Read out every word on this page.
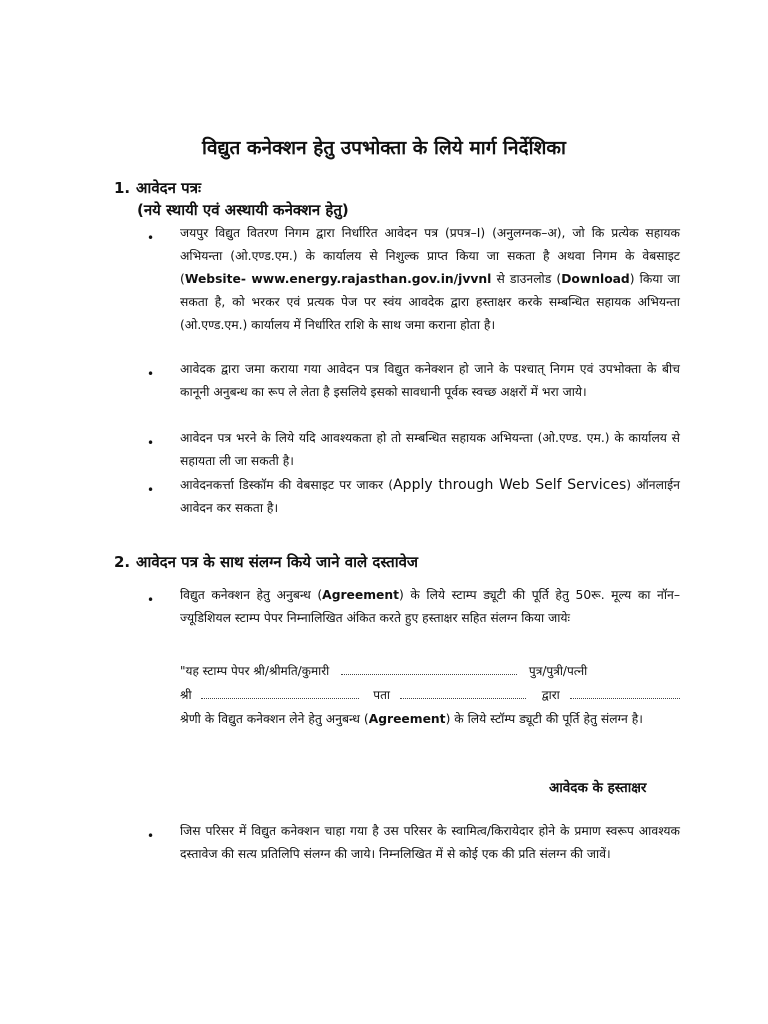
विद्युत कनेक्शन हेतु उपभोक्ता के लिये मार्ग निर्देशिका
1. आवेदन पत्रः
(नये स्थायी एवं अस्थायी कनेक्शन हेतु)
• जयपुर विद्युत वितरण निगम द्वारा निर्धारित आवेदन पत्र (प्रपत्र–I) (अनुलग्नक–अ), जो कि प्रत्येक सहायक अभियन्ता (ओ.एण्ड.एम.) के कार्यालय से निशुल्क प्राप्त किया जा सकता है अथवा निगम के वेबसाइट (Website- www.energy.rajasthan.gov.in/jvvnl से डाउनलोड (Download) किया जा सकता है, को भरकर एवं प्रत्यक पेज पर स्वंय आवदेक द्वारा हस्ताक्षर करके सम्बन्धित सहायक अभियन्ता (ओ.एण्ड.एम.) कार्यालय में निर्धारित राशि के साथ जमा कराना होता है।

• आवेदक द्वारा जमा कराया गया आवेदन पत्र विद्युत कनेक्शन हो जाने के पश्चात् निगम एवं उपभोक्ता के बीच कानूनी अनुबन्ध का रूप ले लेता है इसलिये इसको सावधानी पूर्वक स्वच्छ अक्षरों में भरा जाये।

• आवेदन पत्र भरने के लिये यदि आवश्यकता हो तो सम्बन्धित सहायक अभियन्ता (ओ.एण्ड. एम.) के कार्यालय से सहायता ली जा सकती है।

• आवेदनकर्त्ता डिस्कॉम की वेबसाइट पर जाकर (Apply through Web Self Services) ऑनलाईन आवेदन कर सकता है।

2. आवेदन पत्र के साथ संलग्न किये जाने वाले दस्तावेज
• विद्युत कनेक्शन हेतु अनुबन्ध (Agreement) के लिये स्टाम्प ड्यूटी की पूर्ति हेतु 50रू. मूल्य का नॉन–ज्यूडिशियल स्टाम्प पेपर निम्नालिखित अंकित करते हुए हस्ताक्षर सहित संलग्न किया जायेः

"यह स्टाम्प पेपर श्री/श्रीमति/कुमारी	पुत्र/पुत्री/पत्नी
श्री	पता	द्वारा

श्रेणी के विद्युत कनेक्शन लेने हेतु अनुबन्ध (Agreement) के लिये स्टॉम्प ड्यूटी की पूर्ति हेतु संलग्न है।

आवेदक के हस्ताक्षर
• जिस परिसर में विद्युत कनेक्शन चाहा गया है उस परिसर के स्वामित्व/किरायेदार होने के प्रमाण स्वरूप आवश्यक दस्तावेज की सत्य प्रतिलिपि संलग्न की जाये। निम्नलिखित में से कोई एक की प्रति संलग्न की जावें।
